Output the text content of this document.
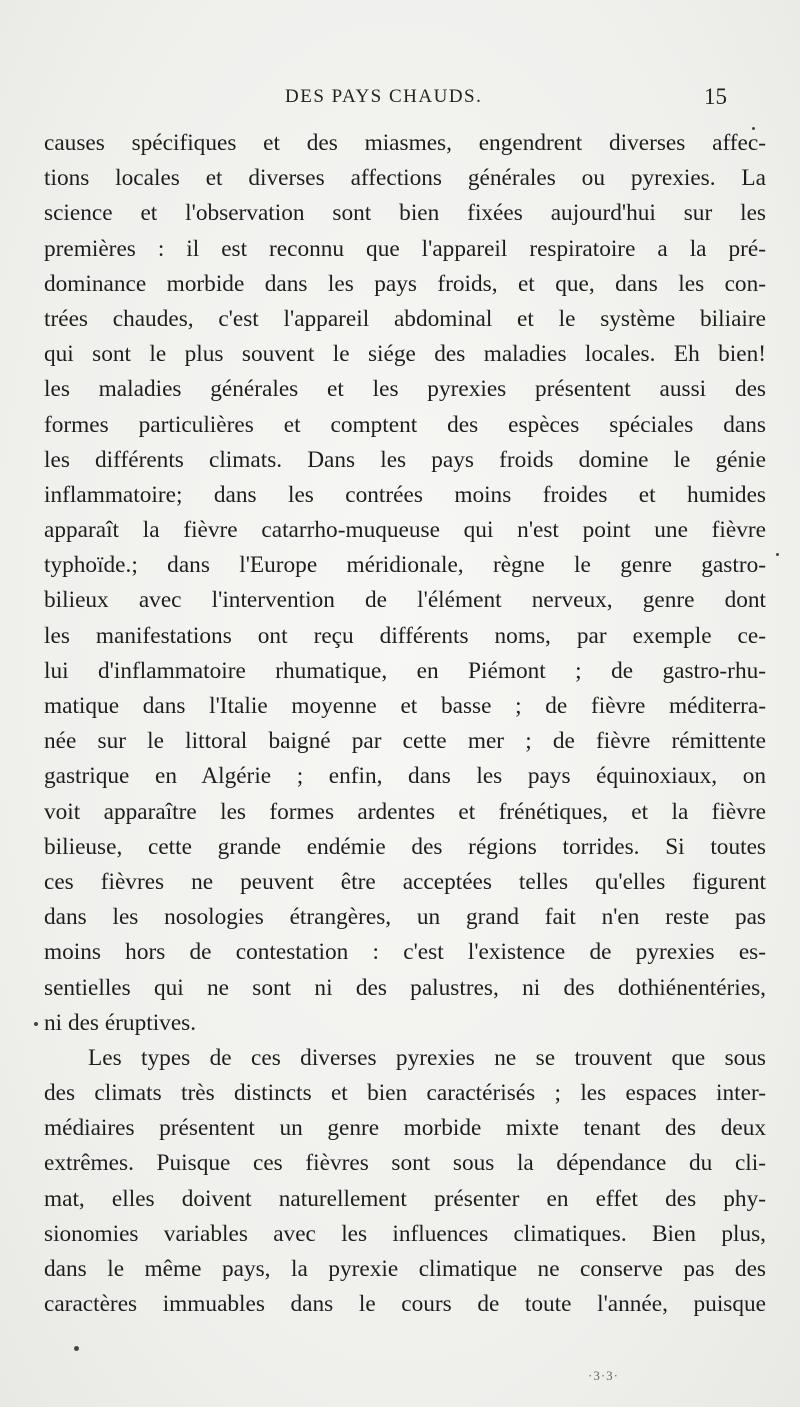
DES PAYS CHAUDS.	15
causes spécifiques et des miasmes, engendrent diverses affec-
tions locales et diverses affections générales ou pyrexies. La
science et l'observation sont bien fixées aujourd'hui sur les
premières : il est reconnu que l'appareil respiratoire a la pré-
dominance morbide dans les pays froids, et que, dans les con-
trées chaudes, c'est l'appareil abdominal et le système biliaire
qui sont le plus souvent le siége des maladies locales. Eh bien!
les maladies générales et les pyrexies présentent aussi des
formes particulières et comptent des espèces spéciales dans
les différents climats. Dans les pays froids domine le génie
inflammatoire; dans les contrées moins froides et humides
apparaît la fièvre catarrho-muqueuse qui n'est point une fièvre
typhoïde.; dans l'Europe méridionale, règne le genre gastro-
bilieux avec l'intervention de l'élément nerveux, genre dont
les manifestations ont reçu différents noms, par exemple ce-
lui d'inflammatoire rhumatique, en Piémont ; de gastro-rhu-
matique dans l'Italie moyenne et basse ; de fièvre méditerra-
née sur le littoral baigné par cette mer ; de fièvre rémittente
gastrique en Algérie ; enfin, dans les pays équinoxiaux, on
voit apparaître les formes ardentes et frénétiques, et la fièvre
bilieuse, cette grande endémie des régions torrides. Si toutes
ces fièvres ne peuvent être acceptées telles qu'elles figurent
dans les nosologies étrangères, un grand fait n'en reste pas
moins hors de contestation : c'est l'existence de pyrexies es-
sentielles qui ne sont ni des palustres, ni des dothiénentéries,
ni des éruptives.
Les types de ces diverses pyrexies ne se trouvent que sous
des climats très distincts et bien caractérisés ; les espaces inter-
médiaires présentent un genre morbide mixte tenant des deux
extrêmes. Puisque ces fièvres sont sous la dépendance du cli-
mat, elles doivent naturellement présenter en effet des phy-
sionomies variables avec les influences climatiques. Bien plus,
dans le même pays, la pyrexie climatique ne conserve pas des
caractères immuables dans le cours de toute l'année, puisque
·3·3·
